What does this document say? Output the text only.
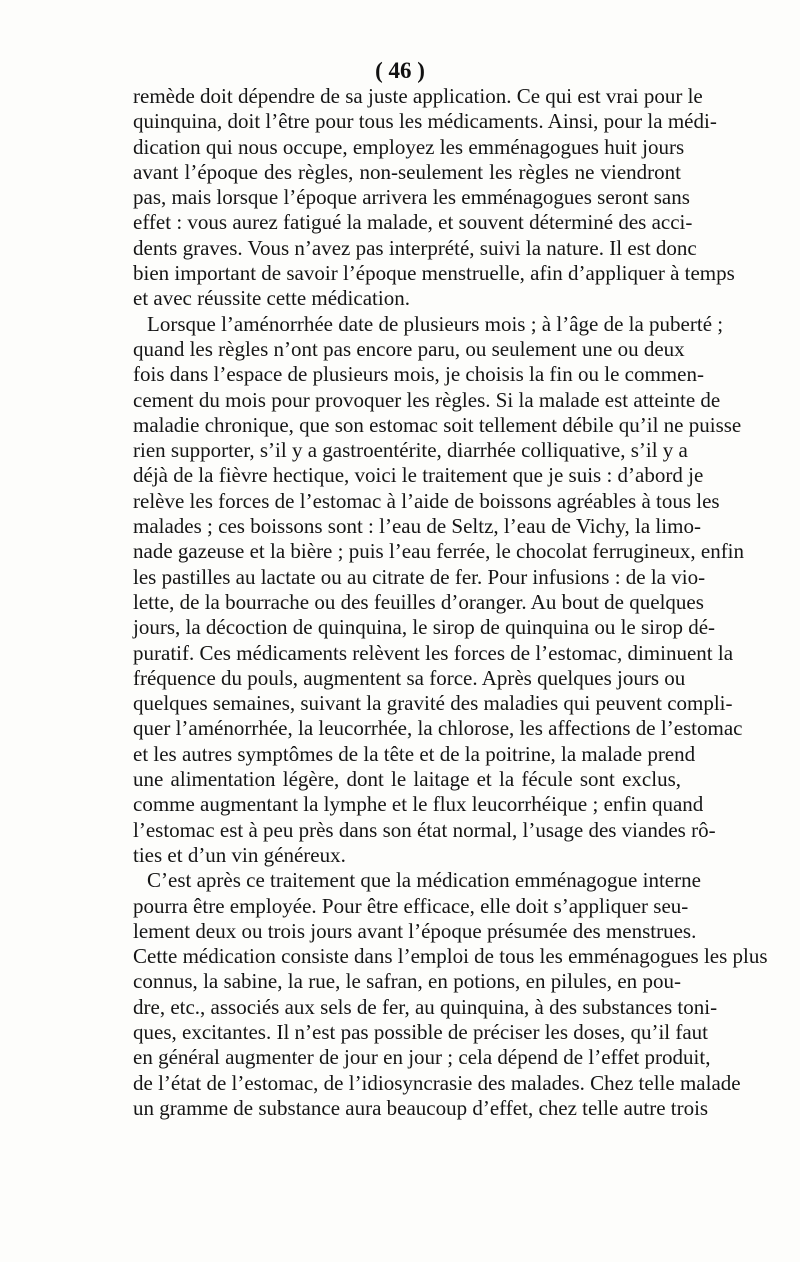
( 46 )
remède doit dépendre de sa juste application. Ce qui est vrai pour le
quinquina, doit l’être pour tous les médicaments. Ainsi, pour la médi-
dication qui nous occupe, employez les emménagogues huit jours
avant l’époque des règles, non-seulement les règles ne viendront
pas, mais lorsque l’époque arrivera les emménagogues seront sans
effet : vous aurez fatigué la malade, et souvent déterminé des acci-
dents graves. Vous n’avez pas interprété, suivi la nature. Il est donc
bien important de savoir l’époque menstruelle, afin d’appliquer à temps
et avec réussite cette médication.
Lorsque l’aménorrhée date de plusieurs mois ; à l’âge de la puberté ;
quand les règles n’ont pas encore paru, ou seulement une ou deux
fois dans l’espace de plusieurs mois, je choisis la fin ou le commen-
cement du mois pour provoquer les règles. Si la malade est atteinte de
maladie chronique, que son estomac soit tellement débile qu’il ne puisse
rien supporter, s’il y a gastroentérite, diarrhée colliquative, s’il y a
déjà de la fièvre hectique, voici le traitement que je suis : d’abord je
relève les forces de l’estomac à l’aide de boissons agréables à tous les
malades ; ces boissons sont : l’eau de Seltz, l’eau de Vichy, la limo-
nade gazeuse et la bière ; puis l’eau ferrée, le chocolat ferrugineux, enfin
les pastilles au lactate ou au citrate de fer. Pour infusions : de la vio-
lette, de la bourrache ou des feuilles d’oranger. Au bout de quelques
jours, la décoction de quinquina, le sirop de quinquina ou le sirop dé-
puratif. Ces médicaments relèvent les forces de l’estomac, diminuent la
fréquence du pouls, augmentent sa force. Après quelques jours ou
quelques semaines, suivant la gravité des maladies qui peuvent compli-
quer l’aménorrhée, la leucorrhée, la chlorose, les affections de l’estomac
et les autres symptômes de la tête et de la poitrine, la malade prend
une alimentation légère, dont le laitage et la fécule sont exclus,
comme augmentant la lymphe et le flux leucorrhéique ; enfin quand
l’estomac est à peu près dans son état normal, l’usage des viandes rô-
ties et d’un vin généreux.
C’est après ce traitement que la médication emménagogue interne
pourra être employée. Pour être efficace, elle doit s’appliquer seu-
lement deux ou trois jours avant l’époque présumée des menstrues.
Cette médication consiste dans l’emploi de tous les emménagogues les plus
connus, la sabine, la rue, le safran, en potions, en pilules, en pou-
dre, etc., associés aux sels de fer, au quinquina, à des substances toni-
ques, excitantes. Il n’est pas possible de préciser les doses, qu’il faut
en général augmenter de jour en jour ; cela dépend de l’effet produit,
de l’état de l’estomac, de l’idiosyncrasie des malades. Chez telle malade
un gramme de substance aura beaucoup d’effet, chez telle autre trois
